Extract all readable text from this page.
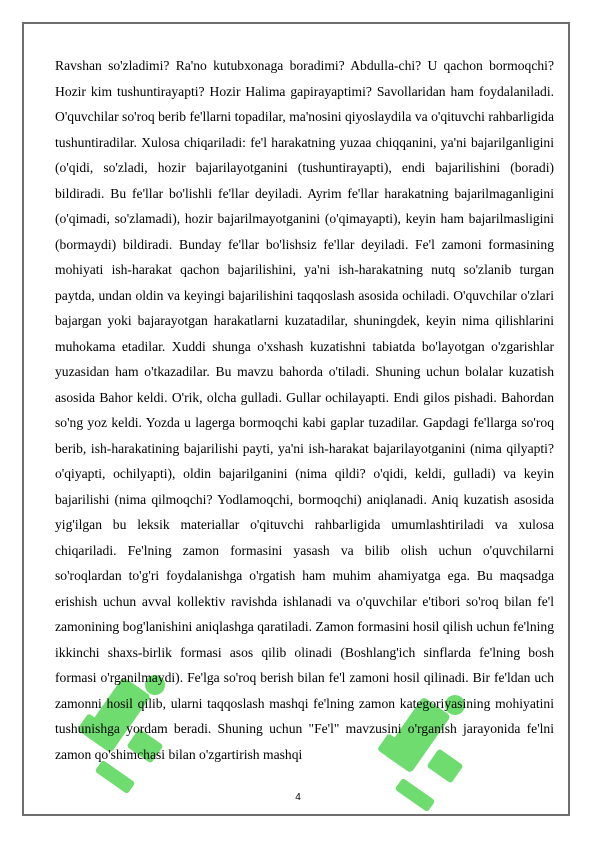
Ravshan so'zladimi? Ra'no kutubxonaga boradimi? Abdulla-chi? U qachon bormoqchi? Hozir kim tushuntirayapti? Hozir Halima gapirayaptimi? Savollaridan ham foydalaniladi. O'quvchilar so'roq berib fe'llarni topadilar, ma'nosini qiyoslaydila va o'qituvchi rahbarligida tushuntiradilar. Xulosa chiqariladi: fe'l harakatning yuzaa chiqqanini, ya'ni bajarilganligini (o'qidi, so'zladi, hozir bajarilayotganini (tushuntirayapti), endi bajarilishini (boradi) bildiradi. Bu fe'llar bo'lishli fe'llar deyiladi. Ayrim fe'llar harakatning bajarilmaganligini (o'qimadi, so'zlamadi), hozir bajarilmayotganini (o'qimayapti), keyin ham bajarilmasligini (bormaydi) bildiradi. Bunday fe'llar bo'lishsiz fe'llar deyiladi. Fe'l zamoni formasining mohiyati ish-harakat qachon bajarilishini, ya'ni ish-harakatning nutq so'zlanib turgan paytda, undan oldin va keyingi bajarilishini taqqoslash asosida ochiladi. O'quvchilar o'zlari bajargan yoki bajarayotgan harakatlarni kuzatadilar, shuningdek, keyin nima qilishlarini muhokama etadilar. Xuddi shunga o'xshash kuzatishni tabiatda bo'layotgan o'zgarishlar yuzasidan ham o'tkazadilar. Bu mavzu bahorda o'tiladi. Shuning uchun bolalar kuzatish asosida Bahor keldi. O'rik, olcha gulladi. Gullar ochilayapti. Endi gilos pishadi. Bahordan so'ng yoz keldi. Yozda u lagerga bormoqchi kabi gaplar tuzadilar. Gapdagi fe'llarga so'roq berib, ish-harakatining bajarilishi payti, ya'ni ish-harakat bajarilayotganini (nima qilyapti? o'qiyapti, ochilyapti), oldin bajarilganini (nima qildi? o'qidi, keldi, gulladi) va keyin bajarilishi (nima qilmoqchi? Yodlamoqchi, bormoqchi) aniqlanadi. Aniq kuzatish asosida yig'ilgan bu leksik materiallar o'qituvchi rahbarligida umumlashtiriladi va xulosa chiqariladi. Fe'lning zamon formasini yasash va bilib olish uchun o'quvchilarni so'roqlardan to'g'ri foydalanishga o'rgatish ham muhim ahamiyatga ega. Bu maqsadga erishish uchun avval kollektiv ravishda ishlanadi va o'quvchilar e'tibori so'roq bilan fe'l zamonining bog'lanishini aniqlashga qaratiladi. Zamon formasini hosil qilish uchun fe'lning ikkinchi shaxs-birlik formasi asos qilib olinadi (Boshlang'ich sinflarda fe'lning bosh formasi o'rganilmaydi). Fe'lga so'roq berish bilan fe'l zamoni hosil qilinadi. Bir fe'ldan uch zamonni hosil qilib, ularni taqqoslash mashqi fe'lning zamon kategoriyasining mohiyatini tushunishga yordam beradi. Shuning uchun "Fe'l" mavzusini o'rganish jarayonida fe'lni zamon qo'shimchasi bilan o'zgartirish mashqi

4
